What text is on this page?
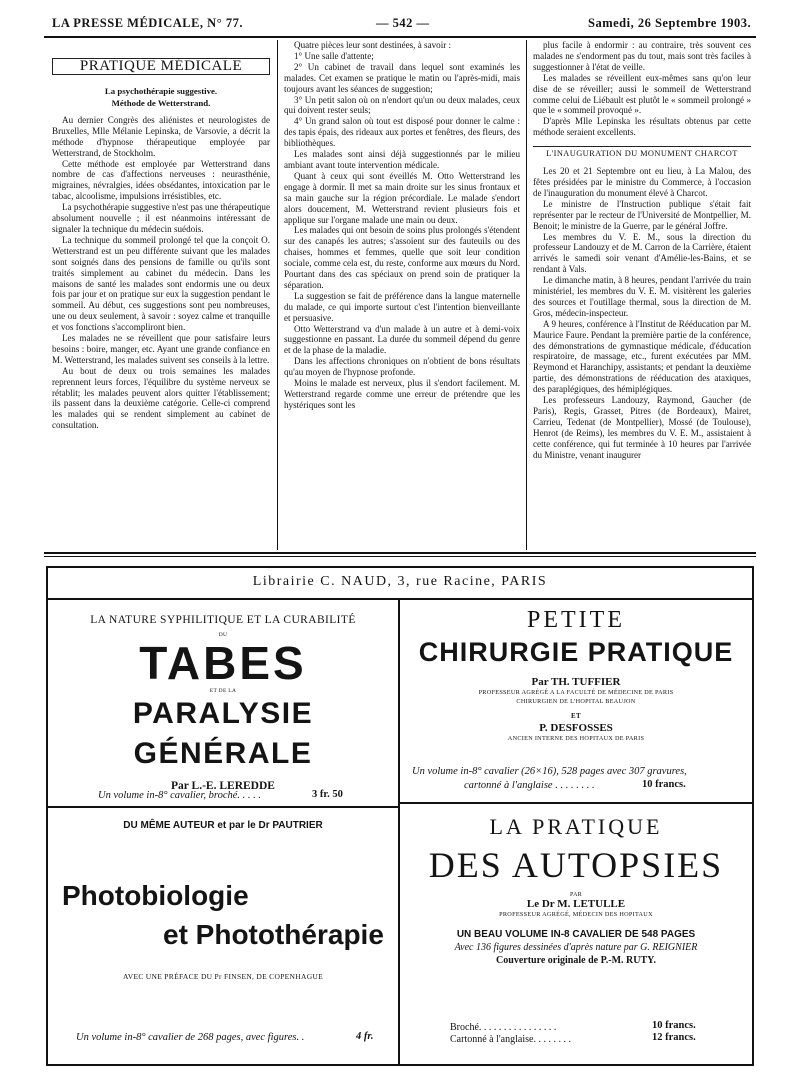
LA PRESSE MÉDICALE, N° 77.	— 542 —	Samedi, 26 Septembre 1903.
PRATIQUE MÉDICALE
La psychothérapie suggestive.
Méthode de Wetterstrand.

Au dernier Congrès des aliénistes et neurologistes de Bruxelles, Mlle Mélanie Lepinska, de Varsovie, a décrit la méthode d'hypnose thérapeutique employée par Wetterstrand, de Stockholm.

Cette méthode est employée par Wetterstrand dans nombre de cas d'affections nerveuses : neurasthénie, migraines, névralgies, idées obsédantes, intoxication par le tabac, alcoolisme, impulsions irrésistibles, etc.

La psychothérapie suggestive n'est pas une thérapeutique absolument nouvelle ; il est néanmoins intéressant de signaler la technique du médecin suédois.

La technique du sommeil prolongé tel que la conçoit O. Wetterstrand est un peu différente suivant que les malades sont soignés dans des pensions de famille ou qu'ils sont traités simplement au cabinet du médecin. Dans les maisons de santé les malades sont endormis une ou deux fois par jour et on pratique sur eux la suggestion pendant le sommeil. Au début, ces suggestions sont peu nombreuses, une ou deux seulement, à savoir : soyez calme et tranquille et vos fonctions s'accompliront bien.

Les malades ne se réveillent que pour satisfaire leurs besoins : boire, manger, etc. Ayant une grande confiance en M. Wetterstrand, les malades suivent ses conseils à la lettre.

Au bout de deux ou trois semaines les malades reprennent leurs forces, l'équilibre du système nerveux se rétablit; les malades peuvent alors quitter l'établissement; ils passent dans la deuxième catégorie. Celle-ci comprend les malades qui se rendent simplement au cabinet de consultation.

Quatre pièces leur sont destinées, à savoir :

1° Une salle d'attente;

2° Un cabinet de travail dans lequel sont examinés les malades. Cet examen se pratique le matin ou l'après-midi, mais toujours avant les séances de suggestion;

3° Un petit salon où on n'endort qu'un ou deux malades, ceux qui doivent rester seuls;

4° Un grand salon où tout est disposé pour donner le calme : des tapis épais, des rideaux aux portes et fenêtres, des fleurs, des bibliothèques.

Les malades sont ainsi déjà suggestionnés par le milieu ambiant avant toute intervention médicale.

Quant à ceux qui sont éveillés M. Otto Wetterstrand les engage à dormir. Il met sa main droite sur les sinus frontaux et sa main gauche sur la région précordiale. Le malade s'endort alors doucement, M. Wetterstrand revient plusieurs fois et applique sur l'organe malade une main ou deux.

Les malades qui ont besoin de soins plus prolongés s'étendent sur des canapés les autres; s'assoient sur des fauteuils ou des chaises, hommes et femmes, quelle que soit leur condition sociale, comme cela est, du reste, conforme aux mœurs du Nord. Pourtant dans des cas spéciaux on prend soin de pratiquer la séparation.

La suggestion se fait de préférence dans la langue maternelle du malade, ce qui importe surtout c'est l'intention bienveillante et persuasive.

Otto Wetterstrand va d'un malade à un autre et à demi-voix suggestionne en passant. La durée du sommeil dépend du genre et de la phase de la maladie.

Dans les affections chroniques on n'obtient de bons résultats qu'au moyen de l'hypnose profonde.

Moins le malade est nerveux, plus il s'endort facilement. M. Wetterstrand regarde comme une erreur de prétendre que les hystériques sont les

plus facile à endormir : au contraire, très souvent ces malades ne s'endorment pas du tout, mais sont très faciles à suggestionner à l'état de veille.

Les malades se réveillent eux-mêmes sans qu'on leur dise de se réveiller; aussi le sommeil de Wetterstrand comme celui de Liébault est plutôt le « sommeil prolongé » que le « sommeil provoqué ».

D'après Mlle Lepinska les résultats obtenus par cette méthode seraient excellents.

L'INAUGURATION DU MONUMENT CHARCOT

Les 20 et 21 Septembre ont eu lieu, à La Malou, des fêtes présidées par le ministre du Commerce, à l'occasion de l'inauguration du monument élevé à Charcot.

Le ministre de l'Instruction publique s'était fait représenter par le recteur de l'Université de Montpellier, M. Benoit; le ministre de la Guerre, par le général Joffre.

Les membres du V. E. M., sous la direction du professeur Landouzy et de M. Carron de la Carrière, étaient arrivés le samedi soir venant d'Amélie-les-Bains, et se rendant à Vals.

Le dimanche matin, à 8 heures, pendant l'arrivée du train ministériel, les membres du V. E. M. visitèrent les galeries des sources et l'outillage thermal, sous la direction de M. Gros, médecin-inspecteur.

A 9 heures, conférence à l'Institut de Rééducation par M. Maurice Faure. Pendant la première partie de la conférence, des démonstrations de gymnastique médicale, d'éducation respiratoire, de massage, etc., furent exécutées par MM. Reymond et Haranchipy, assistants; et pendant la deuxième partie, des démonstrations de rééducation des ataxiques, des paraplégiques, des hémiplégiques.

Les professeurs Landouzy, Raymond, Gaucher (de Paris), Regis, Grasset, Pitres (de Bordeaux), Mairet, Carrieu, Tedenat (de Montpellier), Mossé (de Toulouse), Henrot (de Reims), les membres du V. E. M., assistaient à cette conférence, qui fut terminée à 10 heures par l'arrivée du Ministre, venant inaugurer

Librairie C. NAUD, 3, rue Racine, PARIS
LA NATURE SYPHILITIQUE ET LA CURABILITÉ
DU
TABES
ET DE LA
PARALYSIE GÉNÉRALE
Par L.-E. LEREDDE
Un volume in-8° cavalier, broché. . . . .	3 fr. 50
DU MÊME AUTEUR et par le Dr PAUTRIER
Photobiologie
et Photothérapie
AVEC UNE PRÉFACE DU Pr FINSEN, DE COPENHAGUE
Un volume in-8° cavalier de 268 pages, avec figures. .	4 fr.
PETITE
CHIRURGIE PRATIQUE
Par TH. TUFFIER
PROFESSEUR AGRÉGÉ A LA FACULTÉ DE MÉDECINE DE PARIS
CHIRURGIEN DE L'HOPITAL BEAUJON
ET
P. DESFOSSES
ANCIEN INTERNE DES HOPITAUX DE PARIS
Un volume in-8° cavalier (26×16), 528 pages avec 307 gravures,
cartonné à l'anglaise . . . . . . . .	10 francs.
LA PRATIQUE
DES AUTOPSIES
PAR
Le Dr M. LETULLE
PROFESSEUR AGRÉGÉ, MÉDECIN DES HOPITAUX
UN BEAU VOLUME IN-8 CAVALIER DE 548 PAGES
Avec 136 figures dessinées d'après nature par G. REIGNIER
Couverture originale de P.-M. RUTY.
Broché. . . . . . . . . . . . . . . .	10 francs.
Cartonné à l'anglaise. . . . . . . .	12 francs.
